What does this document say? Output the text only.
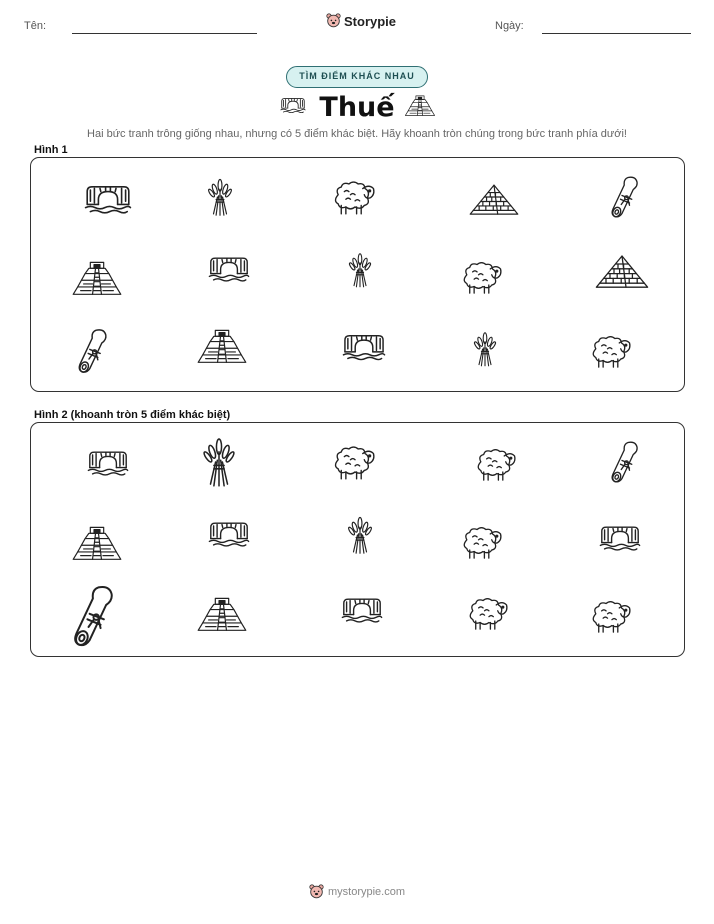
Tên:	Storypie	Ngày:
TÌM ĐIỂM KHÁC NHAU
Thuế
Hai bức tranh trông giống nhau, nhưng có 5 điểm khác biệt. Hãy khoanh tròn chúng trong bức tranh phía dưới!
Hình 1
Hình 2 (khoanh tròn 5 điểm khác biệt)
mystorypie.com
